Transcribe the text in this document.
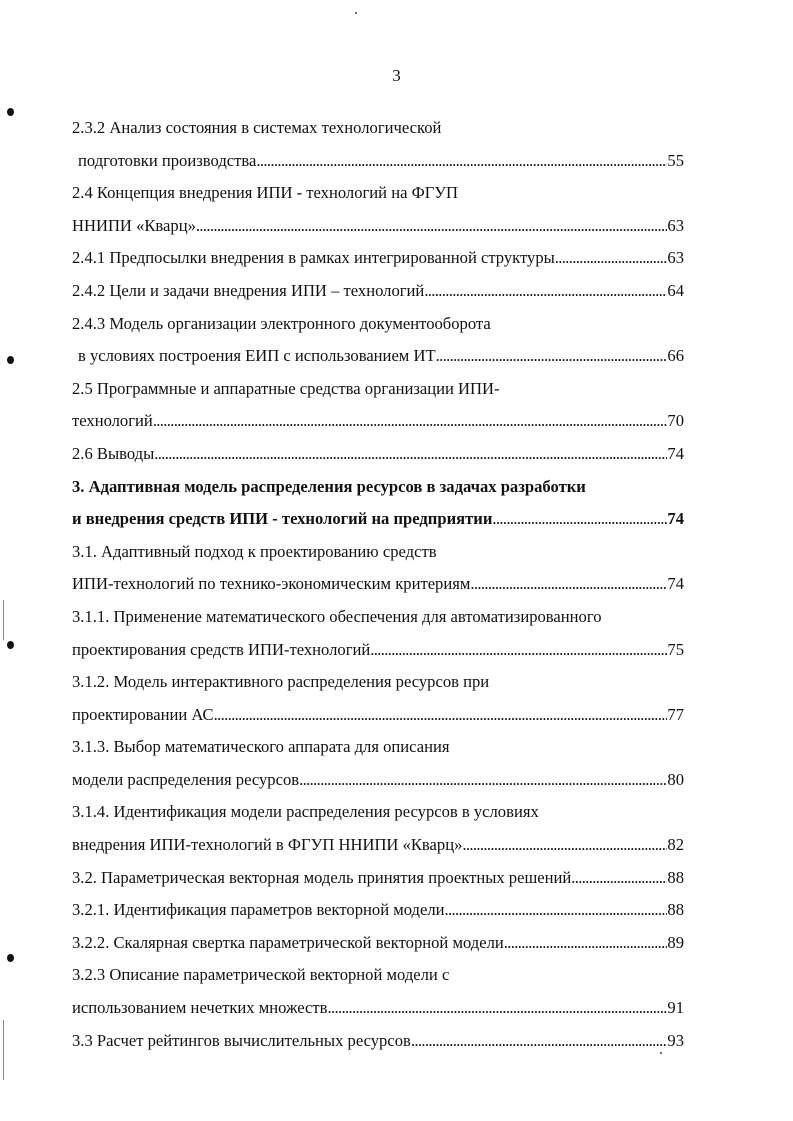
3
2.3.2 Анализ состояния в системах технологической
подготовки производства . . .	55
2.4 Концепция внедрения ИПИ - технологий на ФГУП
ННИПИ «Кварц» . . .	63
2.4.1 Предпосылки внедрения в рамках интегрированной структуры . . .	63
2.4.2 Цели и задачи внедрения ИПИ – технологий . . .	64
2.4.3 Модель организации электронного документооборота
в условиях построения ЕИП с использованием ИТ . . .	66
2.5 Программные и аппаратные средства организации ИПИ-
технологий . . .	70
2.6 Выводы . . .	74
3. Адаптивная модель распределения ресурсов в задачах разработки
и внедрения средств ИПИ - технологий на предприятии . . .	74
3.1. Адаптивный подход к проектированию средств
ИПИ-технологий по технико-экономическим критериям . . .	74
3.1.1. Применение математического обеспечения для автоматизированного
проектирования средств ИПИ-технологий . . .	75
3.1.2. Модель интерактивного распределения ресурсов при
проектировании АС . . .	77
3.1.3. Выбор математического аппарата для описания
модели распределения ресурсов . . .	80
3.1.4. Идентификация модели распределения ресурсов в условиях
внедрения ИПИ-технологий в ФГУП ННИПИ «Кварц» . . .	82
3.2. Параметрическая векторная модель принятия проектных решений . . .	88
3.2.1. Идентификация параметров векторной модели . . .	88
3.2.2. Скалярная свертка параметрической векторной модели . . .	89
3.2.3 Описание параметрической векторной модели с
использованием нечетких множеств . . .	91
3.3 Расчет рейтингов вычислительных ресурсов . . .	93
